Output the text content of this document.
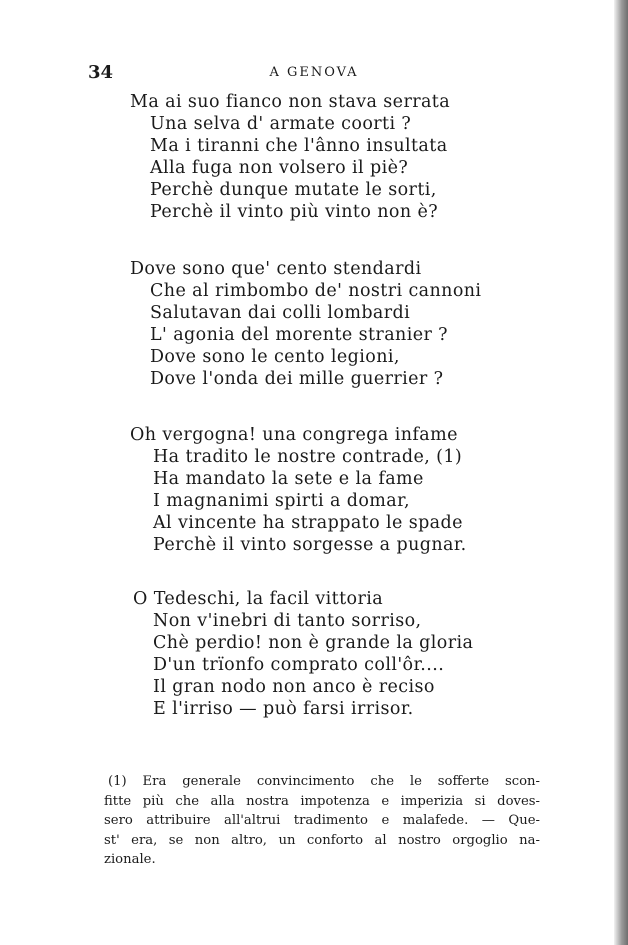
34	A GENOVA
Ma ai suo fianco non stava serrata
Una selva d' armate coorti ?
Ma i tiranni che l'ânno insultata
Alla fuga non volsero il piè?
Perchè dunque mutate le sorti,
Perchè il vinto più vinto non è?
Dove sono que' cento stendardi
Che al rimbombo de' nostri cannoni
Salutavan dai colli lombardi
L' agonia del morente stranier ?
Dove sono le cento legioni,
Dove l'onda dei mille guerrier ?
Oh vergogna! una congrega infame
Ha tradito le nostre contrade, (1)
Ha mandato la sete e la fame
I magnanimi spirti a domar,
Al vincente ha strappato le spade
Perchè il vinto sorgesse a pugnar.
O Tedeschi, la facil vittoria
Non v'inebri di tanto sorriso,
Chè perdio! non è grande la gloria
D'un trïonfo comprato coll'ôr....
Il gran nodo non anco è reciso
E l'irriso — può farsi irrisor.
(1) Era generale convincimento che le sofferte scon-
fitte più che alla nostra impotenza e imperizia si doves-
sero attribuire all'altrui tradimento e malafede. — Que-
st' era, se non altro, un conforto al nostro orgoglio na-
zionale.
